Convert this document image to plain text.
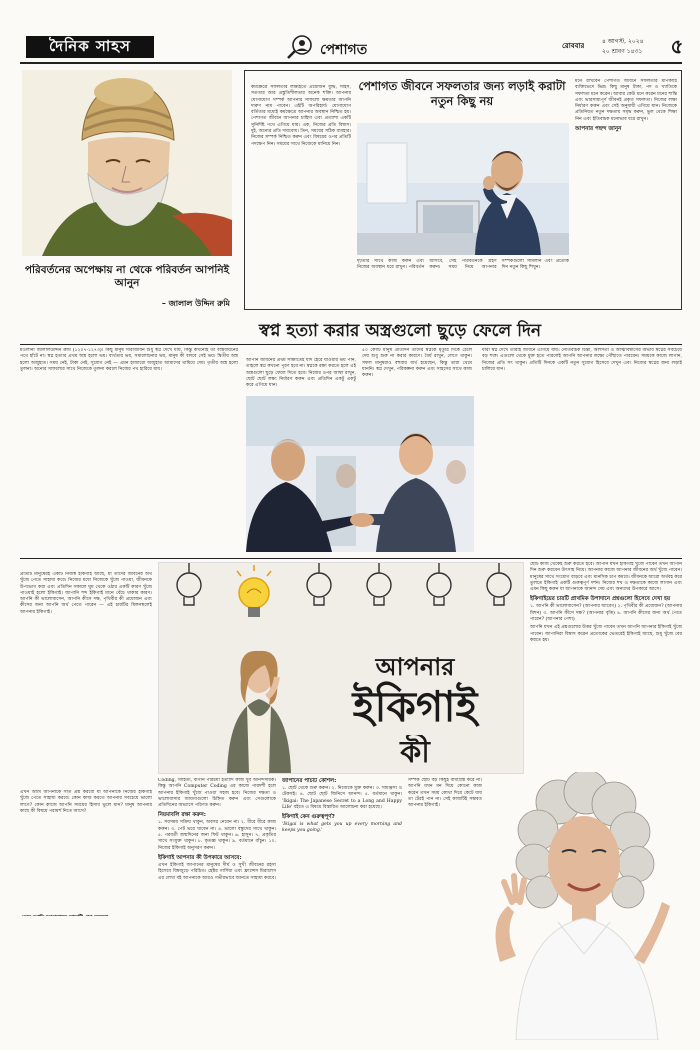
দৈনিক সাহস	পেশাগত	রোববার
৪ আগস্ট, ২০২৪
২০ শ্রাবণ ১৪৩১ ৫
পরিবর্তনের অপেক্ষায় না থেকে পরিবর্তন আপনিই আনুন
– জালাল উদ্দিন রুমি
কর্মক্ষেত্রে সফলতার লক্ষ্যইতে প্রয়োজন বুদ্ধি, সাহস, সততার আর প্রস্তুতিশীলতার অনেক শক্তি। আপনার যোগাযোগ সম্পর্ক আপনার সাফল্যে ক্ষমতার আপনি দারুণ নাম পাবেন। এইটি অপরিহার্য। যোগাযোগ বৰ্তিতার মধ্যেই কর্মক্ষেত্রে আপনার অবস্থান নিশ্চিত হয়। পেশাগত জীবনে আপনার চাহিদা এবং প্রত্যাশা একটি সুনির্দিষ্ট পথে এগিয়ে যায়। এক, নিজের প্রতি বিশ্বাস। দুই, অন্যের প্রতি দায়বোধ। তিন, সময়ের সঠিক ব্যবহার। নিজের সম্পর্ক নিশ্চিত করুন এবং বিষয়ের ওপর প্রতিটি পদক্ষেপ নিন। সময়ের সাথে নিজেকে মানিয়ে নিন।
পেশাগত জীবনে সফলতার জন্য লড়াই করাটা নতুন কিছু নয়
দৃঢ়তার সাথে কাজ করুন এবং নিজের অবস্থান ধরে রাখুন। পরিবর্তন আসবে, সেই পরিবর্তনকে গ্রহণ করুন। সময় নিয়ে আপনার সম্পর্কগুলো সামলান এবং প্রত্যেক দিন নতুন কিছু শিখুন।
মনে রাখবেন পেশাগত জীবনে সফলতার মাপকাঠি ব্যক্তিভেদে ভিন্ন। কিছু মানুষ টাকা, পদ ও খ্যাতিকে সফলতা মনে করেন। আবার কেউ মনে করেন মনের শান্তি এবং ভারসাম্যপূর্ণ জীবনই প্রকৃত সফলতা। নিজের লক্ষ্য নির্ধারণ করুন এবং সেই অনুযায়ী এগিয়ে যান। নিজেকে প্রতিনিয়ত নতুন দক্ষতায় সমৃদ্ধ করুন, ভুল থেকে শিক্ষা নিন এবং ইতিবাচক মনোভাব ধরে রাখুন।
আপনার পছন্দ জানুন
স্বপ্ন হত্যা করার অস্ত্রগুলো ছুড়ে ফেলে দিন
মওলানা জালালউদ্দিন রুমি (১২০৭-১২৭৩)। কিছু মানুষ সারাজীবন শুধু স্বপ্ন দেখে যায়, কিন্তু কখনোই তা বাস্তবায়নের পথে হাঁটে না। স্বপ্ন হত্যার প্রথম অস্ত্র হলো ভয়। ব্যর্থতার ভয়, সমালোচনার ভয়, মানুষ কী বলবে সেই ভয়। দ্বিতীয় অস্ত্র হলো অজুহাত। সময় নেই, টাকা নেই, সুযোগ নেই — এমন হাজারো অজুহাত আমাদের থামিয়ে দেয়। তৃতীয় অস্ত্র হলো তুলনা। অন্যের সাফল্যের সাথে নিজেকে তুলনা করলে নিজের পথ হারিয়ে যায়।
আপনি জীবনের প্রথম সাক্ষাতেই যদি হেরে যাওয়ার ভয় পান, তাহলে স্বপ্ন কখনো পূরণ হবে না। স্বপ্নকে রক্ষা করতে হলে এই অস্ত্রগুলো ছুড়ে ফেলে দিতে হবে। নিজের ওপর আস্থা রাখুন, ছোট ছোট লক্ষ্য নির্ধারণ করুন এবং প্রতিদিন একটু একটু করে এগিয়ে যান।
৫০ কোটি মানুষ প্রতিদিন তাদের স্বপ্নকে মৃত্যুর দিকে ঠেলে দেয় শুধু শুরু না করার কারণে। ধৈর্য রাখুন, লেগে থাকুন। সফল মানুষরাও বহুবার ব্যর্থ হয়েছেন, কিন্তু তারা থেমে যাননি। স্বপ্ন দেখুন, পরিকল্পনা করুন এবং সাহসের সাথে কাজ করুন।
যারা স্বপ্ন দেখে তারাই জীবনে এগিয়ে যায়। নেতিবাচক চিন্তা, অলসতা ও আত্মবিশ্বাসের অভাব স্বপ্নের সবচেয়ে বড় শত্রু। এগুলো থেকে মুক্ত হতে পারলেই আপনি আপনার লক্ষ্যে পৌঁছাতে পারবেন। সময়কে কাজে লাগান, নিজের প্রতি সৎ থাকুন। প্রতিটি দিনকে একটি নতুন সুযোগ হিসেবে দেখুন এবং নিজের স্বপ্নের জন্য লড়াই চালিয়ে যান।
প্রতিটি মানুষেরই একটি নিজস্ব ইকিগাই আছে, যা তাদের জীবনের অর্থ খুঁজে পেতে সাহায্য করে। নিজের মধ্যে নিজেকে খুঁজে পাওয়া, জীবনকে উপভোগ করা এবং প্রতিদিন সকালে ঘুম থেকে ওঠার একটি কারণ খুঁজে পাওয়াই হলো ইকিগাই। জাপানি শব্দ ইকিগাই মানে বেঁচে থাকার কারণ। আপনি কী ভালোবাসেন, আপনি কীসে দক্ষ, পৃথিবীর কী প্রয়োজন এবং কীসের জন্য আপনি অর্থ পেতে পারেন — এই চারটির মিলনস্থলেই আপনার ইকিগাই।
এখন আমি আপনাকে সাত প্রশ্ন করবো যা আপনাকে নিজের ইকিগাই খুঁজে পেতে সাহায্য করবে। কোন কাজ করতে আপনার সবচেয়ে ভালো লাগে? কোন কাজে আপনি সময়ের হিসাব ভুলে যান? মানুষ আপনার কাছে কী বিষয়ে পরামর্শ নিতে আসে?
আপনার
ইকিগাই
কী
Coding, সাহিত্য, বাগান পরিচর্যা ইত্যাদি কাজ খুব আনন্দদায়ক। কিন্তু আপনি Computer Coding এর কাজে পারদর্শী হলে আপনার ইকিগাই খুঁজে পাওয়া সহজ হবে। নিজের দক্ষতা ও ভালোবাসার জায়গাগুলো চিহ্নিত করুন এবং সেগুলোকে প্রতিদিনের অভ্যাসে পরিণত করুন।
নিয়মাবলি রক্ষা করুন:
১. সবসময় সক্রিয় থাকুন, অবসর নেবেন না। ২. ধীরে ধীরে কাজ করুন। ৩. পেট ভরে খাবেন না। ৪. ভালো বন্ধুদের সাথে থাকুন। ৫. পরবর্তী জন্মদিনের জন্য ফিট থাকুন। ৬. হাসুন। ৭. প্রকৃতির সাথে সংযুক্ত থাকুন। ৮. কৃতজ্ঞ থাকুন। ৯. বর্তমানে বাঁচুন। ১০. নিজের ইকিগাই অনুসরণ করুন।
ইকিগাই আপনার কী উপকারে আসবে:
এখন ইকিগাই জাপানের মানুষের দীর্ঘ ও সুখী জীবনের রহস্য হিসেবে বিশ্বজুড়ে পরিচিত। হেক্টর গার্সিয়া এবং ফ্রান্সেস মিরালেস এর লেখা বই আপনাকে আরও গভীরভাবে জানতে সাহায্য করবে।
জাপানের পাঁচটি কৌশল:
১. ছোট থেকে শুরু করুন। ২. নিজেকে মুক্ত করুন। ৩. সামঞ্জস্য ও টেকসই। ৪. ছোট ছোট জিনিসে আনন্দ। ৫. বর্তমানে থাকুন। 'Ikigai: The Japanese Secret to a Long and Happy Life' বইতে এ বিষয়ে বিস্তারিত আলোচনা করা হয়েছে।
ইকিগাই কেন গুরুত্বপূর্ণ?
'Ikigai is what gets you up every morning and keeps you going.'
ছোট কাজ থেকেই শুরু করতে হবে। আপনি যখন ইকিগাই খুঁজে পাবেন তখন আপনি দিন শুরু করবেন উৎসাহ নিয়ে। আপনার কাজে আপনার জীবনের অর্থ খুঁজে পাবেন। মানুষের সাথে সংযোগ বাড়বে এবং মানসিক চাপ কমবে। জীবনকে আরো অর্থবহ করে তুলতে ইকিগাই একটি গুরুত্বপূর্ণ দর্শন। নিজের শখ ও দক্ষতাকে কাজে লাগান এবং এমন কিছু করুন যা আপনাকে আনন্দ দেয় এবং অন্যদের উপকারে আসে।
ইকিগাইয়ের চারটি প্রাথমিক উপাদানে প্রশ্নগুলো হিসেবে দেখা হয়
১. আপনি কী ভালোবাসেন? (আপনার আবেগ) ২. পৃথিবীর কী প্রয়োজন? (আপনার মিশন) ৩. আপনি কীসে দক্ষ? (আপনার বৃত্তি) ৪. আপনি কীসের জন্য অর্থ পেতে পারেন? (আপনার পেশা)
আপনি যখন এই প্রশ্নগুলোর উত্তর খুঁজে পাবেন তখন আপনি আপনার ইকিগাই খুঁজে পাবেন। জাপানিরা বিশ্বাস করেন প্রত্যেকের ভেতরেই ইকিগাই আছে, শুধু খুঁজে বের করতে হয়।
সম্পর্ক ছোট বড় কিছুই বাধাগ্রস্ত করে না। আপনি যখন মন দিয়ে কোনো কাজ করেন তখন সময় কোথা দিয়ে কেটে যায় তা টেরই পান না। সেই কাজটিই সম্ভবত আপনার ইকিগাই।
